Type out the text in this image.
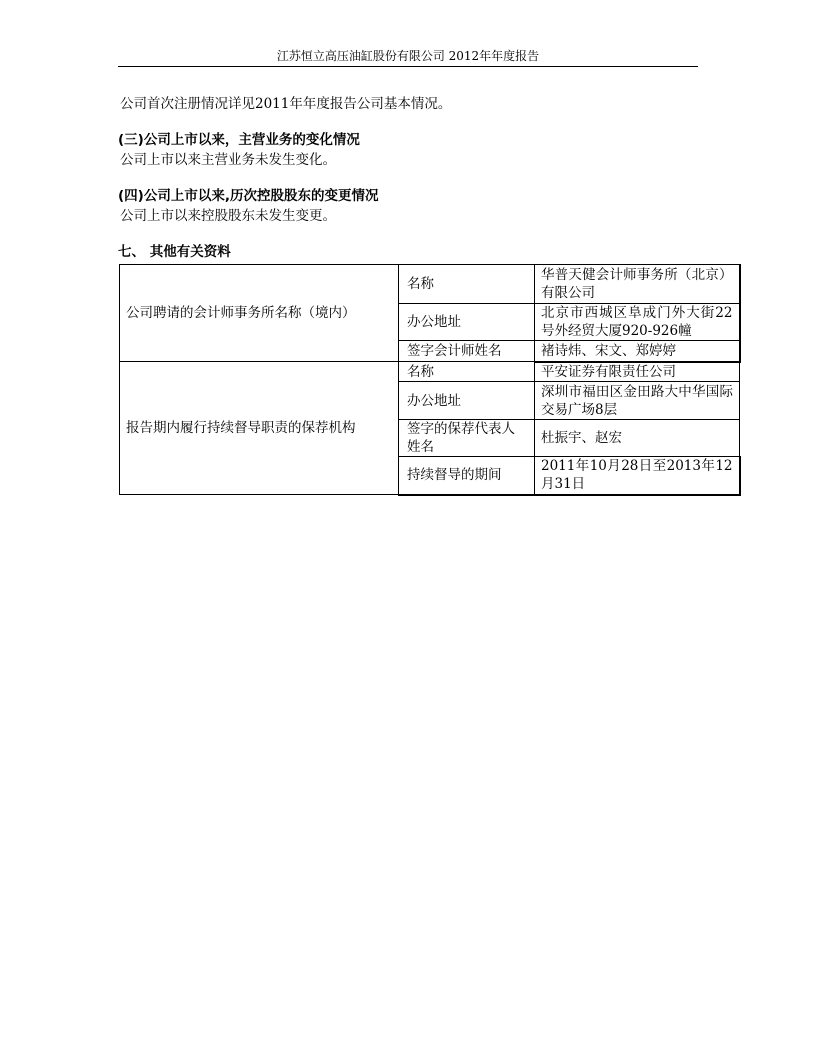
江苏恒立高压油缸股份有限公司 2012年年度报告
公司首次注册情况详见2011年年度报告公司基本情况。
(三)公司上市以来，主营业务的变化情况
公司上市以来主营业务未发生变化。
(四)公司上市以来,历次控股股东的变更情况
公司上市以来控股股东未发生变更。
七、 其他有关资料
公司聘请的会计师事务所名称（境内）	名称	华普天健会计师事务所（北京）有限公司
	办公地址	北京市西城区阜成门外大街22号外经贸大厦920-926幢
	签字会计师姓名	褚诗炜、宋文、郑婷婷
报告期内履行持续督导职责的保荐机构	名称	平安证券有限责任公司
	办公地址	深圳市福田区金田路大中华国际交易广场8层
	签字的保荐代表人姓名	杜振宇、赵宏
	持续督导的期间	2011年10月28日至2013年12月31日
